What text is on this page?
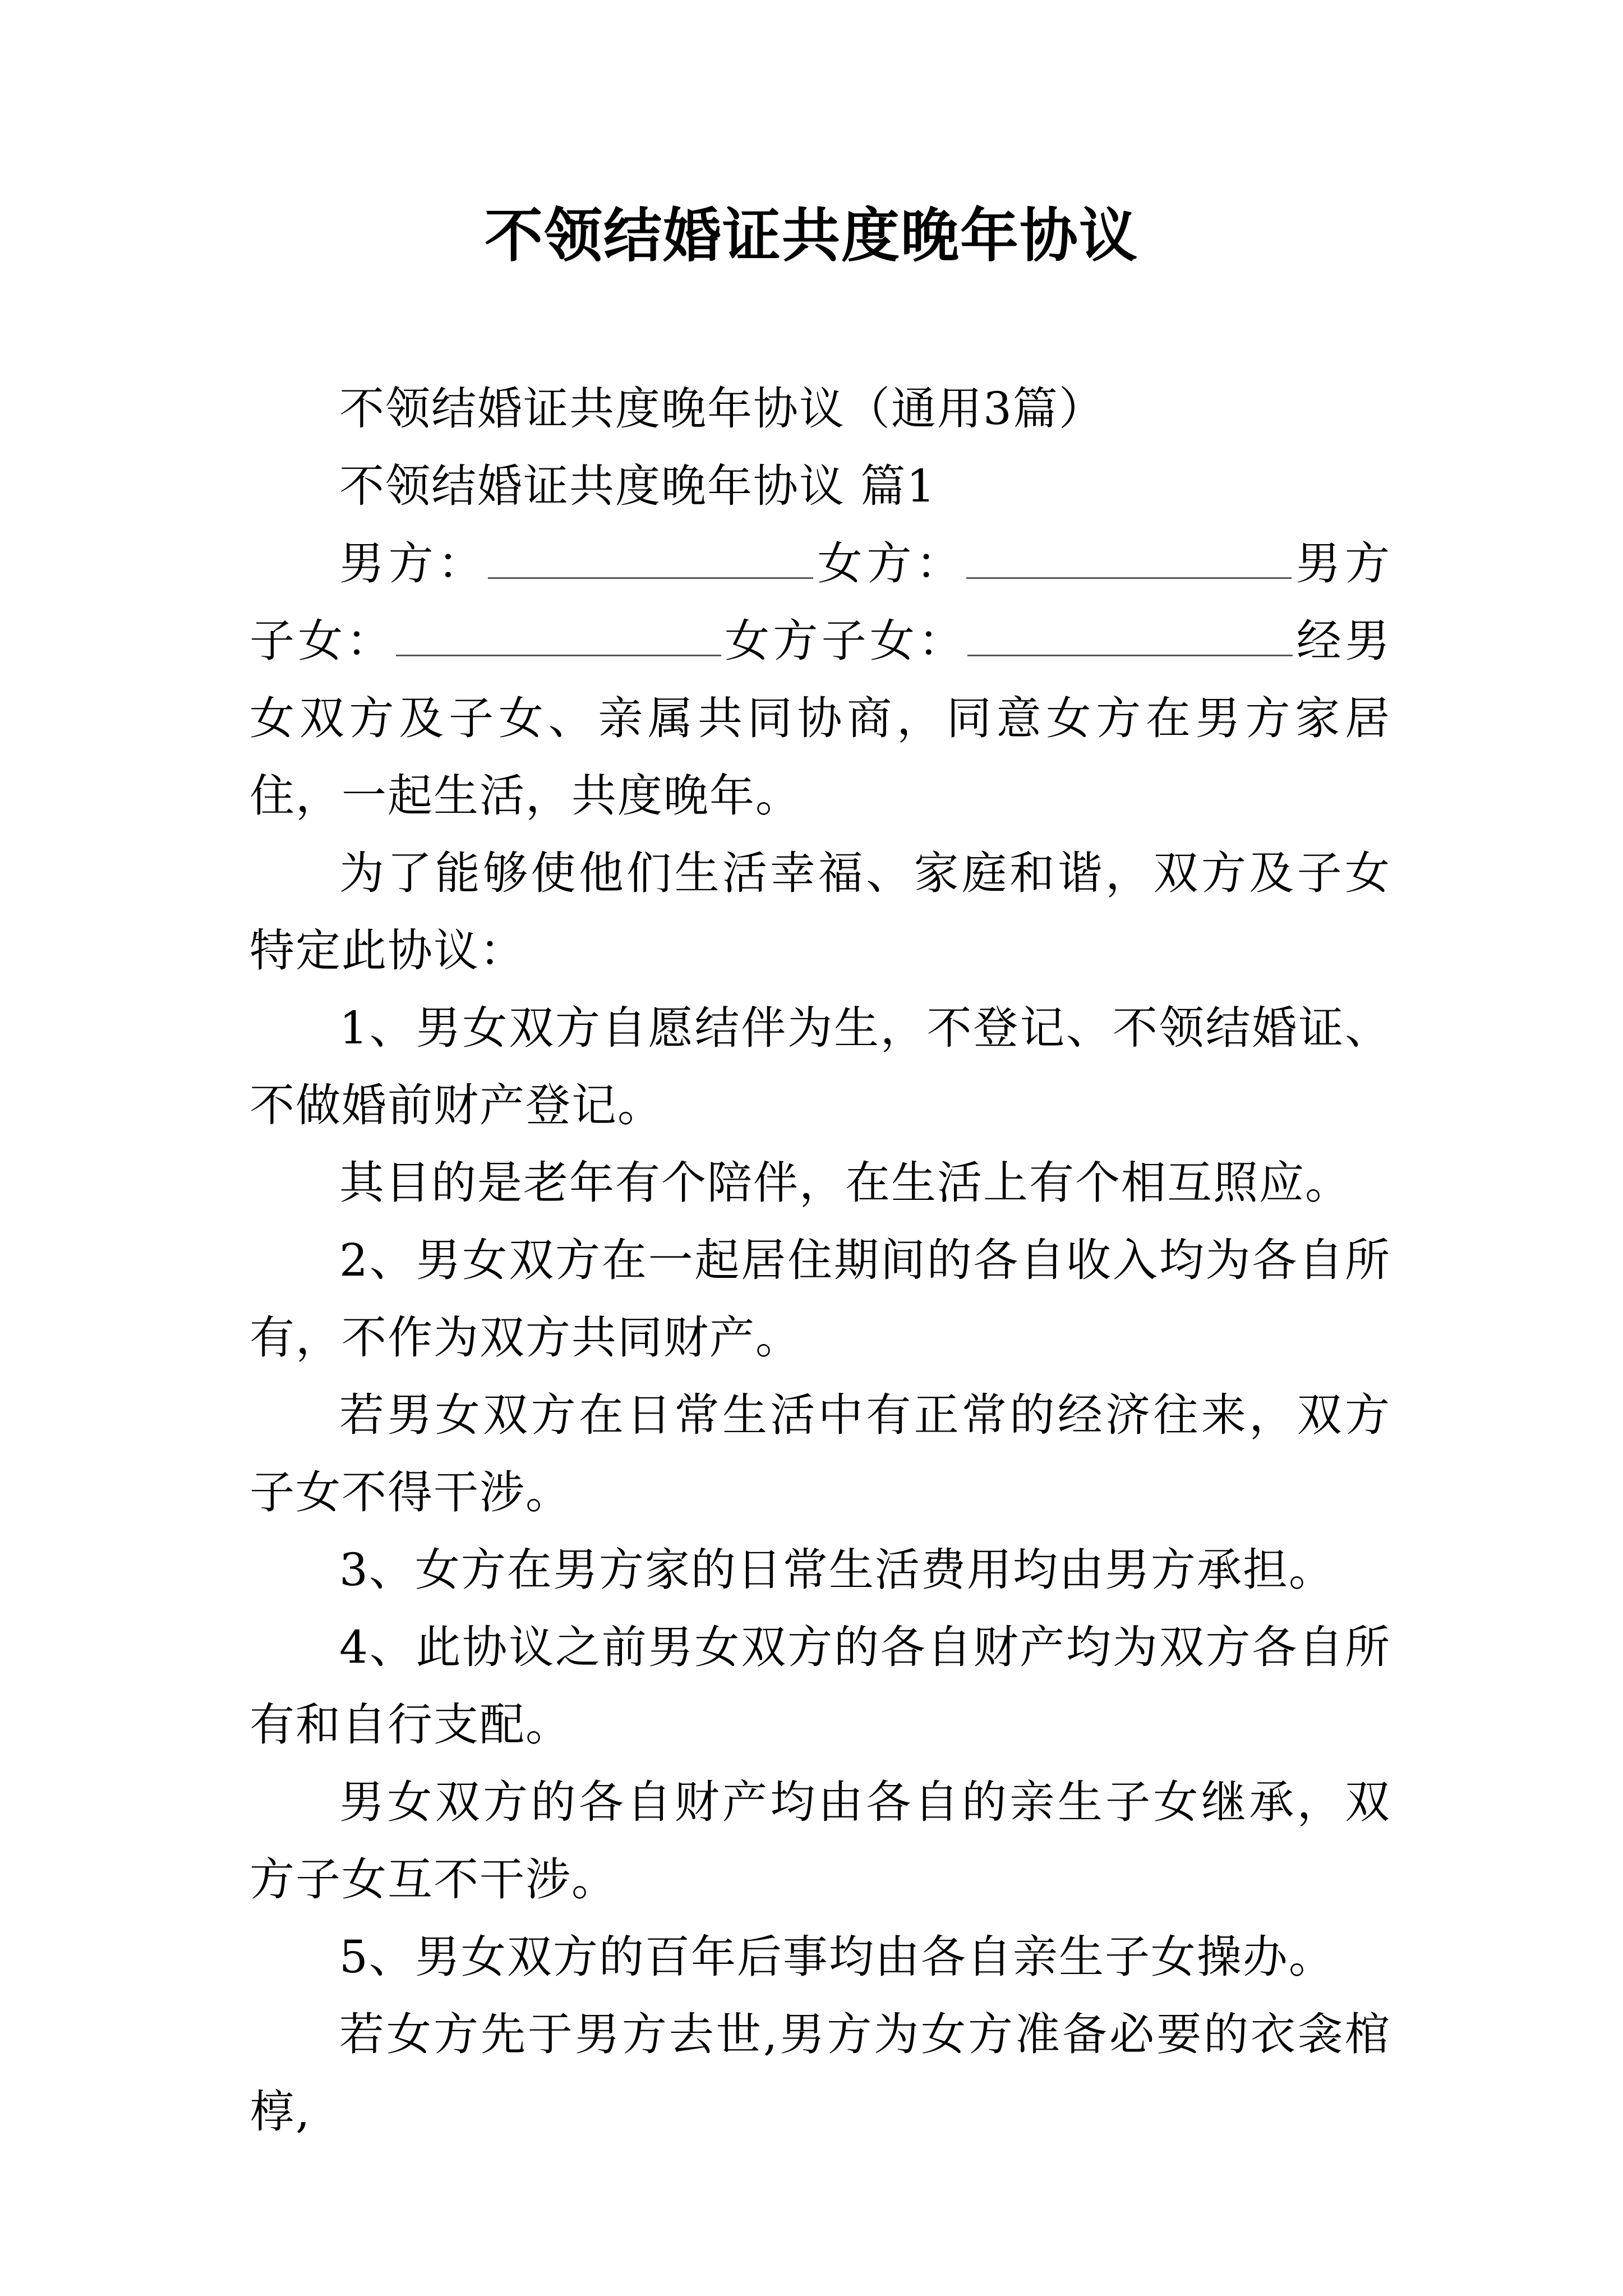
不领结婚证共度晚年协议

不领结婚证共度晚年协议（通用3篇）

不领结婚证共度晚年协议 篇1

男方：	女方：	男方子女：	女方子女：	经男女双方及子女、亲属共同协商，同意女方在男方家居住，一起生活，共度晚年。

为了能够使他们生活幸福、家庭和谐，双方及子女特定此协议：

1、男女双方自愿结伴为生，不登记、不领结婚证、不做婚前财产登记。

其目的是老年有个陪伴，在生活上有个相互照应。

2、男女双方在一起居住期间的各自收入均为各自所有，不作为双方共同财产。

若男女双方在日常生活中有正常的经济往来，双方子女不得干涉。

3、女方在男方家的日常生活费用均由男方承担。

4、此协议之前男女双方的各自财产均为双方各自所有和自行支配。

男女双方的各自财产均由各自的亲生子女继承，双方子女互不干涉。

5、男女双方的百年后事均由各自亲生子女操办。

若女方先于男方去世,男方为女方准备必要的衣衾棺椁,
